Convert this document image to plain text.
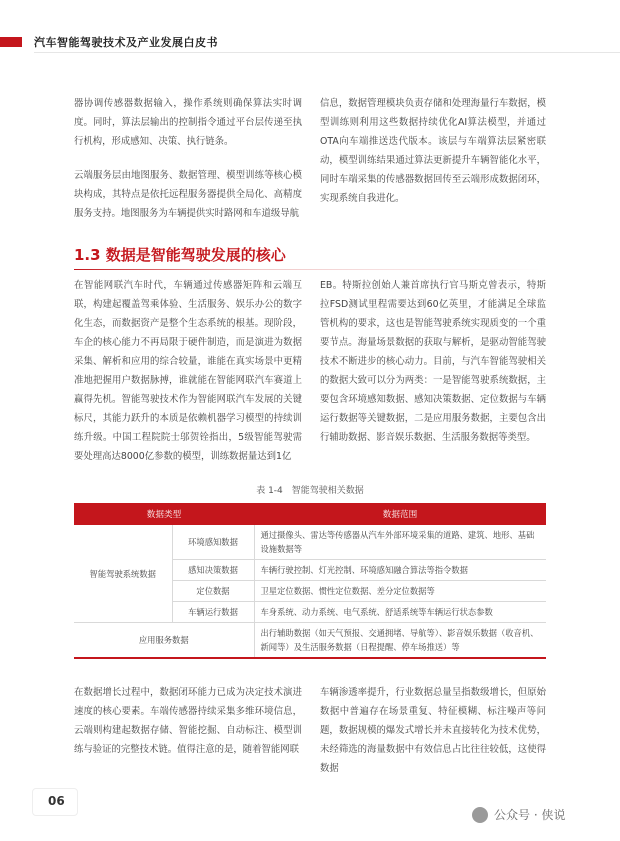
汽车智能驾驶技术及产业发展白皮书

器协调传感器数据输入，操作系统则确保算法实时调度。同时，算法层输出的控制指令通过平台层传递至执行机构，形成感知、决策、执行链条。

云端服务层由地图服务、数据管理、模型训练等核心模块构成，其特点是依托远程服务器提供全局化、高精度服务支持。地图服务为车辆提供实时路网和车道级导航

信息，数据管理模块负责存储和处理海量行车数据，模型训练则利用这些数据持续优化AI算法模型，并通过OTA向车端推送迭代版本。该层与车端算法层紧密联动，模型训练结果通过算法更新提升车辆智能化水平，同时车端采集的传感器数据回传至云端形成数据闭环，实现系统自我进化。

1.3 数据是智能驾驶发展的核心

在智能网联汽车时代，车辆通过传感器矩阵和云端互联，构建起覆盖驾乘体验、生活服务、娱乐办公的数字化生态，而数据资产是整个生态系统的根基。现阶段，车企的核心能力不再局限于硬件制造，而是演进为数据采集、解析和应用的综合较量，谁能在真实场景中更精准地把握用户数据脉搏，谁就能在智能网联汽车赛道上赢得先机。智能驾驶技术作为智能网联汽车发展的关键标尺，其能力跃升的本质是依赖机器学习模型的持续训练升级。中国工程院院士邬贺铨指出，5级智能驾驶需要处理高达8000亿参数的模型，训练数据量达到1亿

EB。特斯拉创始人兼首席执行官马斯克曾表示，特斯拉FSD测试里程需要达到60亿英里，才能满足全球监管机构的要求，这也是智能驾驶系统实现质变的一个重要节点。海量场景数据的获取与解析，是驱动智能驾驶技术不断进步的核心动力。目前，与汽车智能驾驶相关的数据大致可以分为两类：一是智能驾驶系统数据，主要包含环境感知数据、感知决策数据、定位数据与车辆运行数据等关键数据，二是应用服务数据，主要包含出行辅助数据、影音娱乐数据、生活服务数据等类型。

表 1-4　智能驾驶相关数据
数据类型		数据范围
智能驾驶系统数据	环境感知数据	通过摄像头、雷达等传感器从汽车外部环境采集的道路、建筑、地形、基础设施数据等
	感知决策数据	车辆行驶控制、灯光控制、环境感知融合算法等指令数据
	定位数据	卫星定位数据、惯性定位数据、差分定位数据等
	车辆运行数据	车身系统、动力系统、电气系统、舒适系统等车辆运行状态参数
应用服务数据		出行辅助数据（如天气预报、交通拥堵、导航等）、影音娱乐数据（收音机、新闻等）及生活服务数据（日程提醒、停车场推送）等

在数据增长过程中，数据闭环能力已成为决定技术演进速度的核心要素。车端传感器持续采集多维环境信息，云端则构建起数据存储、智能挖掘、自动标注、模型训练与验证的完整技术链。值得注意的是，随着智能网联

车辆渗透率提升，行业数据总量呈指数级增长，但原始数据中普遍存在场景重复、特征模糊、标注噪声等问题，数据规模的爆发式增长并未直接转化为技术优势，未经筛选的海量数据中有效信息占比往往较低，这使得数据

06
公众号 · 侠说
